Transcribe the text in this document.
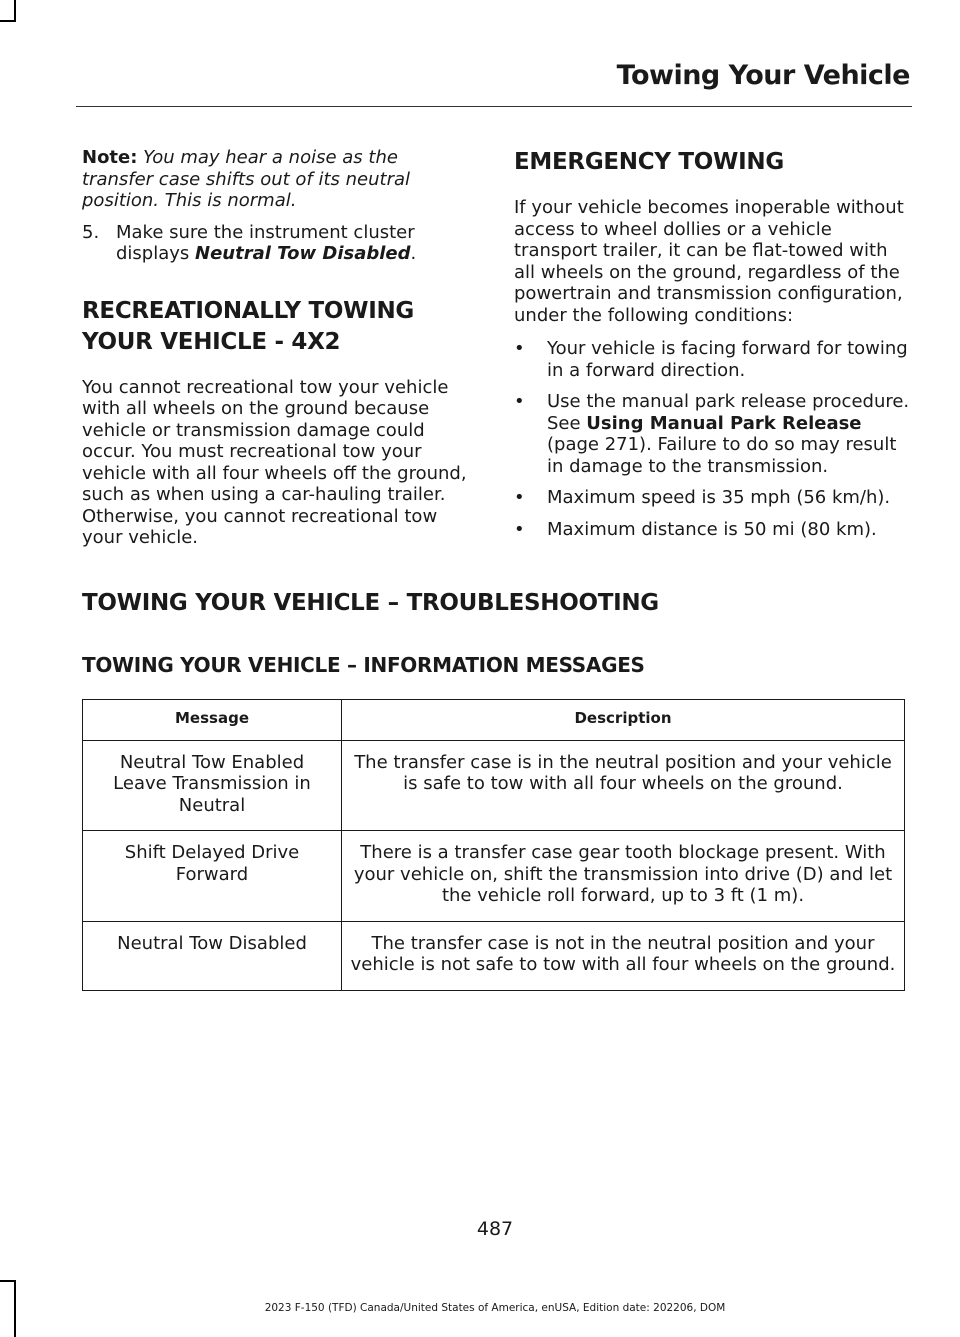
Towing Your Vehicle

Note: You may hear a noise as the transfer case shifts out of its neutral position. This is normal.

5. Make sure the instrument cluster displays Neutral Tow Disabled.
RECREATIONALLY TOWING
YOUR VEHICLE - 4X2

You cannot recreational tow your vehicle with all wheels on the ground because vehicle or transmission damage could occur. You must recreational tow your vehicle with all four wheels off the ground, such as when using a car-hauling trailer. Otherwise, you cannot recreational tow your vehicle.

EMERGENCY TOWING

If your vehicle becomes inoperable without access to wheel dollies or a vehicle transport trailer, it can be flat-towed with all wheels on the ground, regardless of the powertrain and transmission configuration, under the following conditions:

•	Your vehicle is facing forward for towing in a forward direction.
•	Use the manual park release procedure. See Using Manual Park Release (page 271). Failure to do so may result in damage to the transmission.
•	Maximum speed is 35 mph (56 km/h).
•	Maximum distance is 50 mi (80 km).
TOWING YOUR VEHICLE – TROUBLESHOOTING
TOWING YOUR VEHICLE – INFORMATION MESSAGES
Message	Description
Neutral Tow Enabled Leave Transmission in Neutral	The transfer case is in the neutral position and your vehicle is safe to tow with all four wheels on the ground.
Shift Delayed Drive Forward	There is a transfer case gear tooth blockage present. With your vehicle on, shift the transmission into drive (D) and let the vehicle roll forward, up to 3 ft (1 m).
Neutral Tow Disabled	The transfer case is not in the neutral position and your vehicle is not safe to tow with all four wheels on the ground.
487
2023 F-150 (TFD) Canada/United States of America, enUSA, Edition date: 202206, DOM
